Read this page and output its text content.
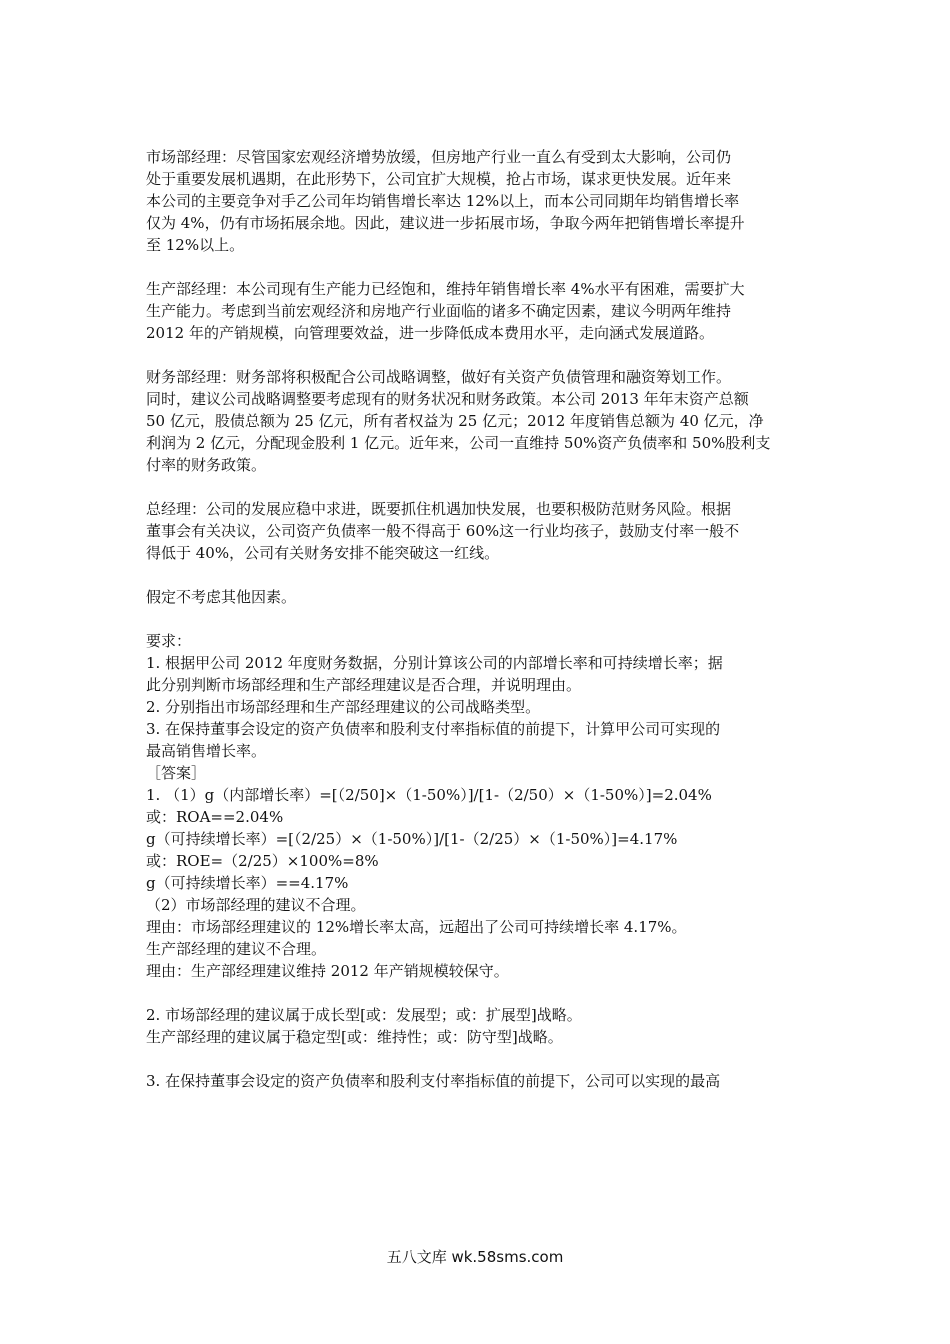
市场部经理：尽管国家宏观经济增势放缓，但房地产行业一直么有受到太大影响，公司仍
处于重要发展机遇期，在此形势下，公司宜扩大规模，抢占市场，谋求更快发展。近年来
本公司的主要竞争对手乙公司年均销售增长率达 12%以上，而本公司同期年均销售增长率
仅为 4%，仍有市场拓展余地。因此，建议进一步拓展市场，争取今两年把销售增长率提升
至 12%以上。
生产部经理：本公司现有生产能力已经饱和，维持年销售增长率 4%水平有困难，需要扩大
生产能力。考虑到当前宏观经济和房地产行业面临的诸多不确定因素，建议今明两年维持
2012 年的产销规模，向管理要效益，进一步降低成本费用水平，走向涵式发展道路。
财务部经理：财务部将积极配合公司战略调整，做好有关资产负债管理和融资筹划工作。
同时，建议公司战略调整要考虑现有的财务状况和财务政策。本公司 2013 年年末资产总额
50 亿元，股债总额为 25 亿元，所有者权益为 25 亿元；2012 年度销售总额为 40 亿元，净
利润为 2 亿元，分配现金股利 1 亿元。近年来，公司一直维持 50%资产负债率和 50%股利支
付率的财务政策。
总经理：公司的发展应稳中求进，既要抓住机遇加快发展，也要积极防范财务风险。根据
董事会有关决议，公司资产负债率一般不得高于 60%这一行业均孩子，鼓励支付率一般不
得低于 40%，公司有关财务安排不能突破这一红线。
假定不考虑其他因素。
要求：
1. 根据甲公司 2012 年度财务数据，分别计算该公司的内部增长率和可持续增长率；据
此分别判断市场部经理和生产部经理建议是否合理，并说明理由。
2. 分别指出市场部经理和生产部经理建议的公司战略类型。
3. 在保持董事会设定的资产负债率和股利支付率指标值的前提下，计算甲公司可实现的
最高销售增长率。
［答案］
1. （1）g（内部增长率）=[（2/50]×（1-50%）]/[1-（2/50）×（1-50%）]=2.04%
或：ROA==2.04%
g（可持续增长率）=[（2/25）×（1-50%）]/[1-（2/25）×（1-50%）]=4.17%
或：ROE=（2/25）×100%=8%
g（可持续增长率）==4.17%
（2）市场部经理的建议不合理。
理由：市场部经理建议的 12%增长率太高，远超出了公司可持续增长率 4.17%。
生产部经理的建议不合理。
理由：生产部经理建议维持 2012 年产销规模较保守。
2. 市场部经理的建议属于成长型[或：发展型；或：扩展型]战略。
生产部经理的建议属于稳定型[或：维持性；或：防守型]战略。
3. 在保持董事会设定的资产负债率和股利支付率指标值的前提下，公司可以实现的最高
五八文库 wk.58sms.com
